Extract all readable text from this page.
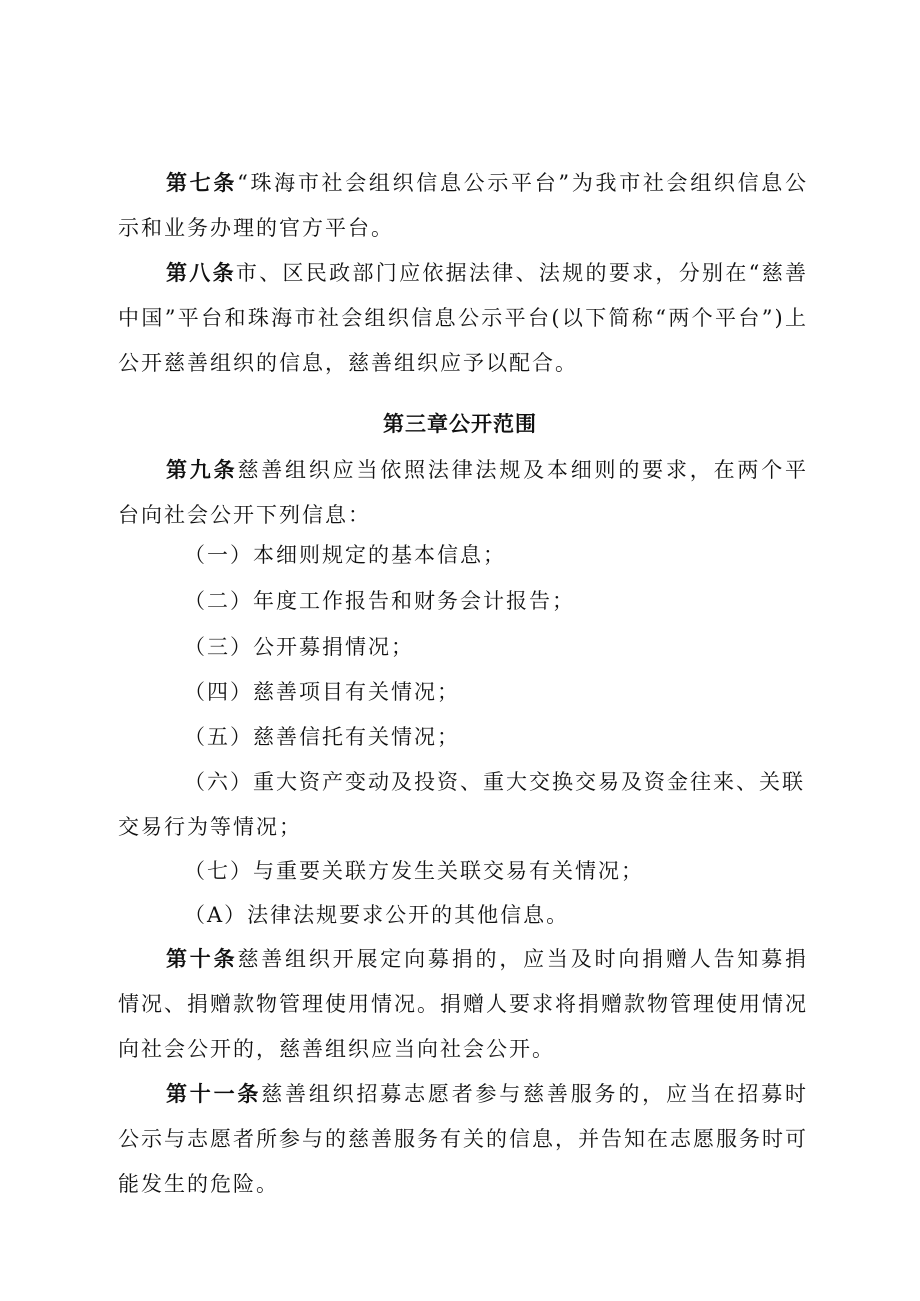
第七条“珠海市社会组织信息公示平台”为我市社会组织信息公示和业务办理的官方平台。

第八条市、区民政部门应依据法律、法规的要求，分别在“慈善中国”平台和珠海市社会组织信息公示平台(以下简称“两个平台”)上公开慈善组织的信息，慈善组织应予以配合。

第三章公开范围

第九条慈善组织应当依照法律法规及本细则的要求，在两个平台向社会公开下列信息：

（一）本细则规定的基本信息；

（二）年度工作报告和财务会计报告；

（三）公开募捐情况；

（四）慈善项目有关情况；

（五）慈善信托有关情况；

（六）重大资产变动及投资、重大交换交易及资金往来、关联交易行为等情况；

（七）与重要关联方发生关联交易有关情况；

（A）法律法规要求公开的其他信息。

第十条慈善组织开展定向募捐的，应当及时向捐赠人告知募捐情况、捐赠款物管理使用情况。捐赠人要求将捐赠款物管理使用情况向社会公开的，慈善组织应当向社会公开。

第十一条慈善组织招募志愿者参与慈善服务的，应当在招募时公示与志愿者所参与的慈善服务有关的信息，并告知在志愿服务时可能发生的危险。
